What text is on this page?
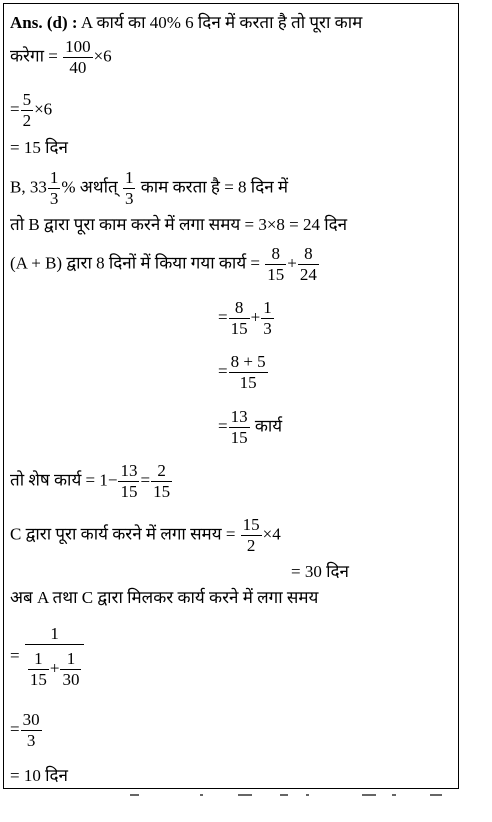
Ans. (d) : A कार्य का 40% 6 दिन में करता है तो पूरा काम
करेगा = $\frac{100}{40} \times 6$
= $\frac{5}{2} \times 6$
= 15 दिन
B, $33 \frac{1}{3}$ % अर्थात् $\frac{1}{3}$ काम करता है = 8 दिन में
तो B द्वारा पूरा काम करने में लगा समय = 3×8 = 24 दिन
(A + B) द्वारा 8 दिनों में किया गया कार्य = $\frac{8}{15} + \frac{8}{24}$
= $\frac{8}{15} + \frac{1}{3}$
= $\frac{8 + 5}{15}$
= $\frac{13}{15}$ कार्य
तो शेष कार्य = $1- \frac{13}{15} = \frac{2}{15}$
C द्वारा पूरा कार्य करने में लगा समय = $\frac{15}{2} \times 4$
= 30 दिन
अब A तथा C द्वारा मिलकर कार्य करने में लगा समय
= $\frac{1}{\frac{1}{15} + \frac{1}{30}}$
= $\frac{30}{3}$
= 10 दिन
